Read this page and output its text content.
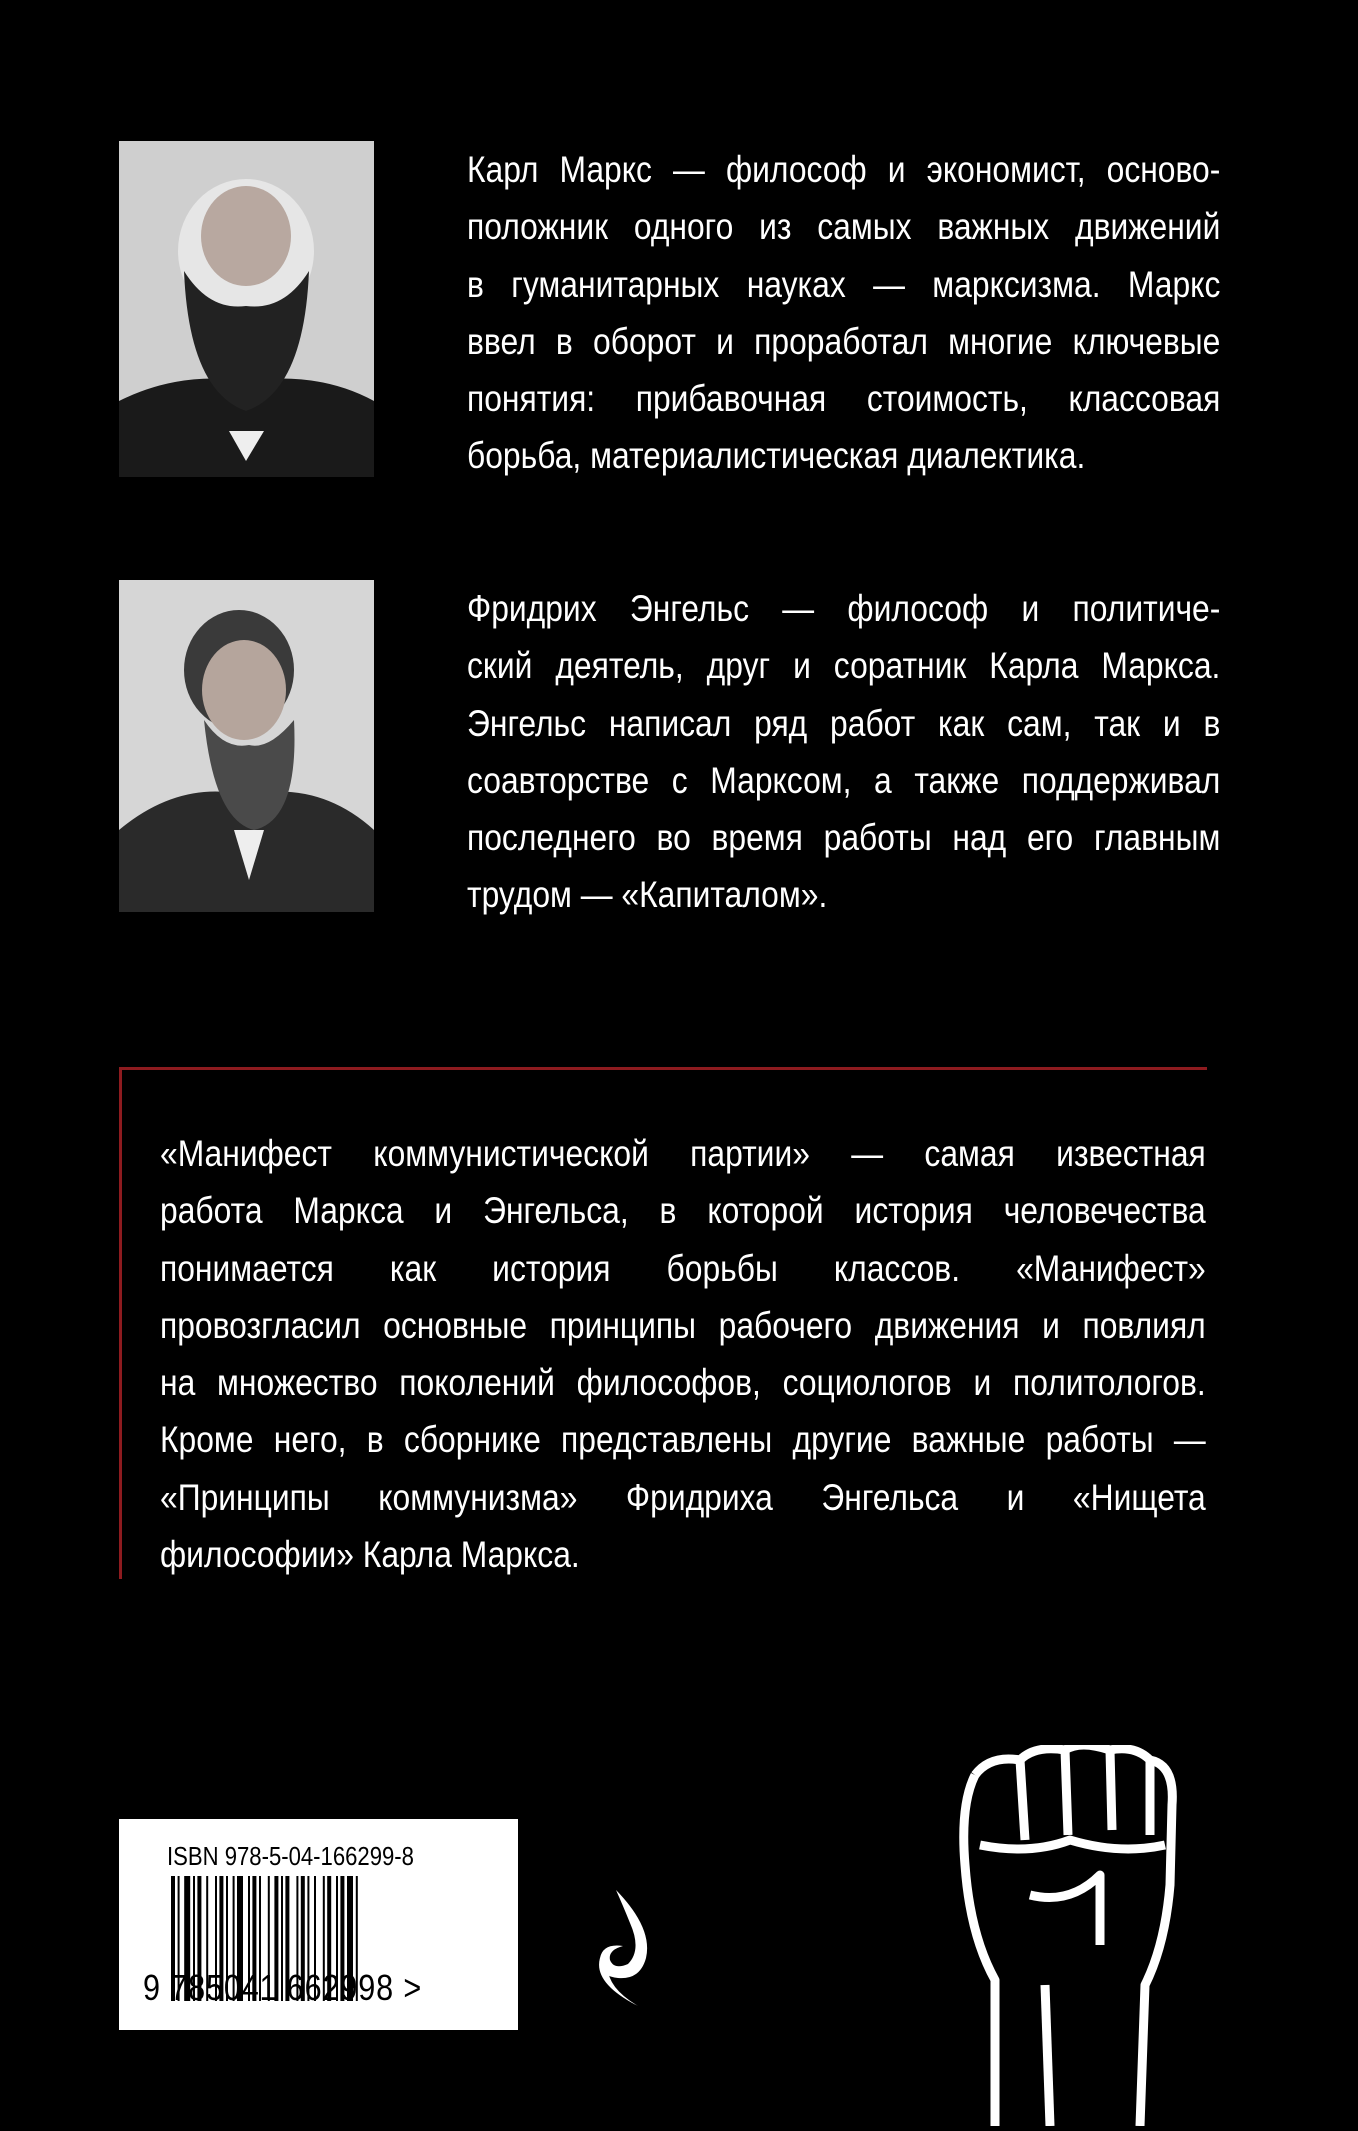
Карл Маркс — философ и экономист, осново-
положник одного из самых важных движений
в гуманитарных науках — марксизма. Маркс
ввел в оборот и проработал многие ключевые
понятия: прибавочная стоимость, классовая
борьба, материалистическая диалектика.
Фридрих Энгельс — философ и политиче-
ский деятель, друг и соратник Карла Маркса.
Энгельс написал ряд работ как сам, так и в
соавторстве с Марксом, а также поддерживал
последнего во время работы над его главным
трудом — «Капиталом».
«Манифест коммунистической партии» — самая известная
работа Маркса и Энгельса, в которой история человечества
понимается как история борьбы классов. «Манифест»
провозгласил основные принципы рабочего движения и повлиял
на множество поколений философов, социологов и политологов.
Кроме него, в сборнике представлены другие важные работы —
«Принципы коммунизма» Фридриха Энгельса и «Нищета
философии» Карла Маркса.
ISBN 978-5-04-166299-8
9 785041 662998 >
